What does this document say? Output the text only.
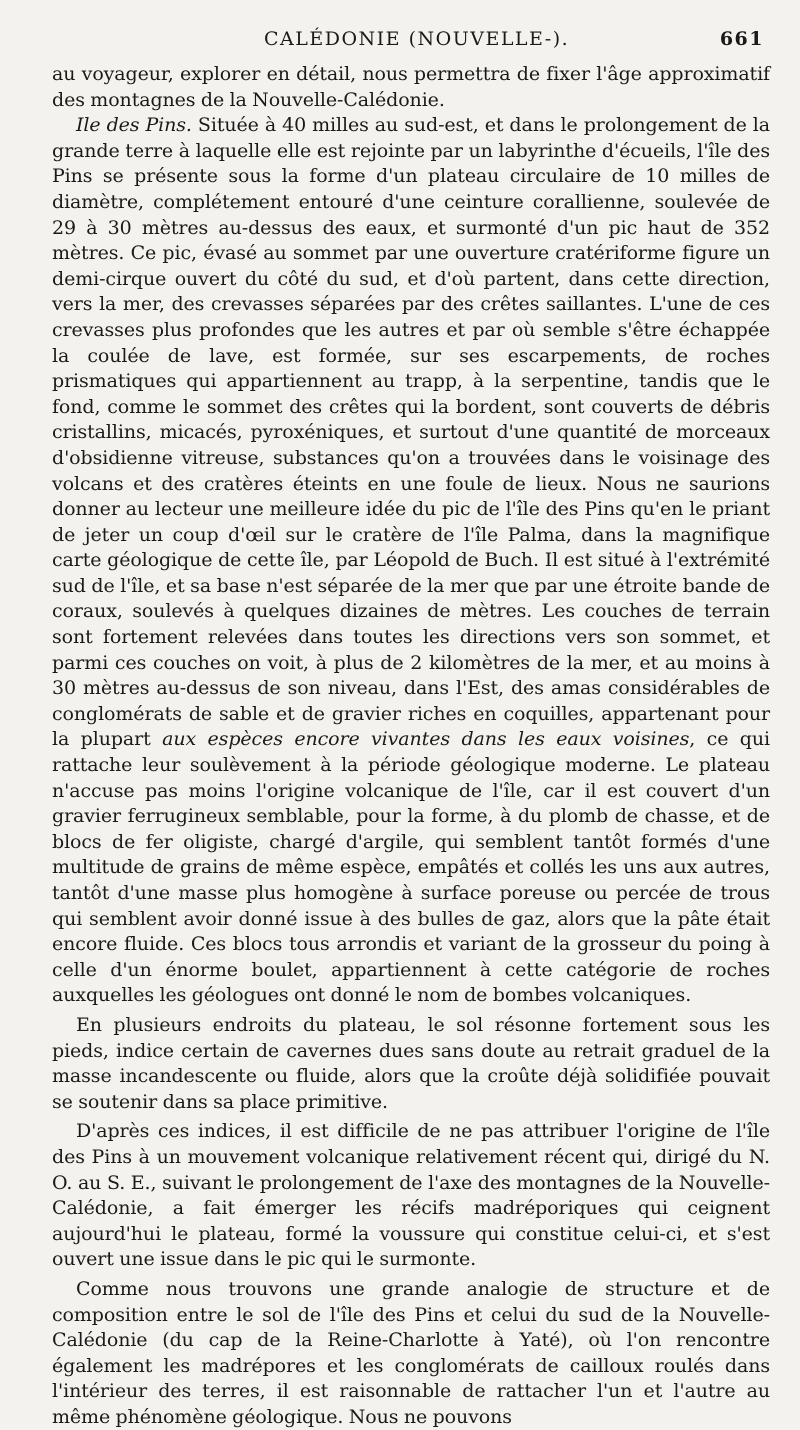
CALÉDONIE (NOUVELLE-).	661

au voyageur, explorer en détail, nous permettra de fixer l'âge approximatif des montagnes de la Nouvelle-Calédonie.

Ile des Pins. Située à 40 milles au sud-est, et dans le prolongement de la grande terre à laquelle elle est rejointe par un labyrinthe d'écueils, l'île des Pins se présente sous la forme d'un plateau circulaire de 10 milles de diamètre, complétement entouré d'une ceinture corallienne, soulevée de 29 à 30 mètres au-dessus des eaux, et surmonté d'un pic haut de 352 mètres. Ce pic, évasé au sommet par une ouverture cratériforme figure un demi-cirque ouvert du côté du sud, et d'où partent, dans cette direction, vers la mer, des crevasses séparées par des crêtes saillantes. L'une de ces crevasses plus profondes que les autres et par où semble s'être échappée la coulée de lave, est formée, sur ses escarpements, de roches prismatiques qui appartiennent au trapp, à la serpentine, tandis que le fond, comme le sommet des crêtes qui la bordent, sont couverts de débris cristallins, micacés, pyroxéniques, et surtout d'une quantité de morceaux d'obsidienne vitreuse, substances qu'on a trouvées dans le voisinage des volcans et des cratères éteints en une foule de lieux. Nous ne saurions donner au lecteur une meilleure idée du pic de l'île des Pins qu'en le priant de jeter un coup d'œil sur le cratère de l'île Palma, dans la magnifique carte géologique de cette île, par Léopold de Buch. Il est situé à l'extrémité sud de l'île, et sa base n'est séparée de la mer que par une étroite bande de coraux, soulevés à quelques dizaines de mètres. Les couches de terrain sont fortement relevées dans toutes les directions vers son sommet, et parmi ces couches on voit, à plus de 2 kilomètres de la mer, et au moins à 30 mètres au-dessus de son niveau, dans l'Est, des amas considérables de conglomérats de sable et de gravier riches en coquilles, appartenant pour la plupart aux espèces encore vivantes dans les eaux voisines, ce qui rattache leur soulèvement à la période géologique moderne. Le plateau n'accuse pas moins l'origine volcanique de l'île, car il est couvert d'un gravier ferrugineux semblable, pour la forme, à du plomb de chasse, et de blocs de fer oligiste, chargé d'argile, qui semblent tantôt formés d'une multitude de grains de même espèce, empâtés et collés les uns aux autres, tantôt d'une masse plus homogène à surface poreuse ou percée de trous qui semblent avoir donné issue à des bulles de gaz, alors que la pâte était encore fluide. Ces blocs tous arrondis et variant de la grosseur du poing à celle d'un énorme boulet, appartiennent à cette catégorie de roches auxquelles les géologues ont donné le nom de bombes volcaniques.

En plusieurs endroits du plateau, le sol résonne fortement sous les pieds, indice certain de cavernes dues sans doute au retrait graduel de la masse incandescente ou fluide, alors que la croûte déjà solidifiée pouvait se soutenir dans sa place primitive.

D'après ces indices, il est difficile de ne pas attribuer l'origine de l'île des Pins à un mouvement volcanique relativement récent qui, dirigé du N. O. au S. E., suivant le prolongement de l'axe des montagnes de la Nouvelle-Calédonie, a fait émerger les récifs madréporiques qui ceignent aujourd'hui le plateau, formé la voussure qui constitue celui-ci, et s'est ouvert une issue dans le pic qui le surmonte.

Comme nous trouvons une grande analogie de structure et de composition entre le sol de l'île des Pins et celui du sud de la Nouvelle-Calédonie (du cap de la Reine-Charlotte à Yaté), où l'on rencontre également les madrépores et les conglomérats de cailloux roulés dans l'intérieur des terres, il est raisonnable de rattacher l'un et l'autre au même phénomène géologique. Nous ne pouvons
